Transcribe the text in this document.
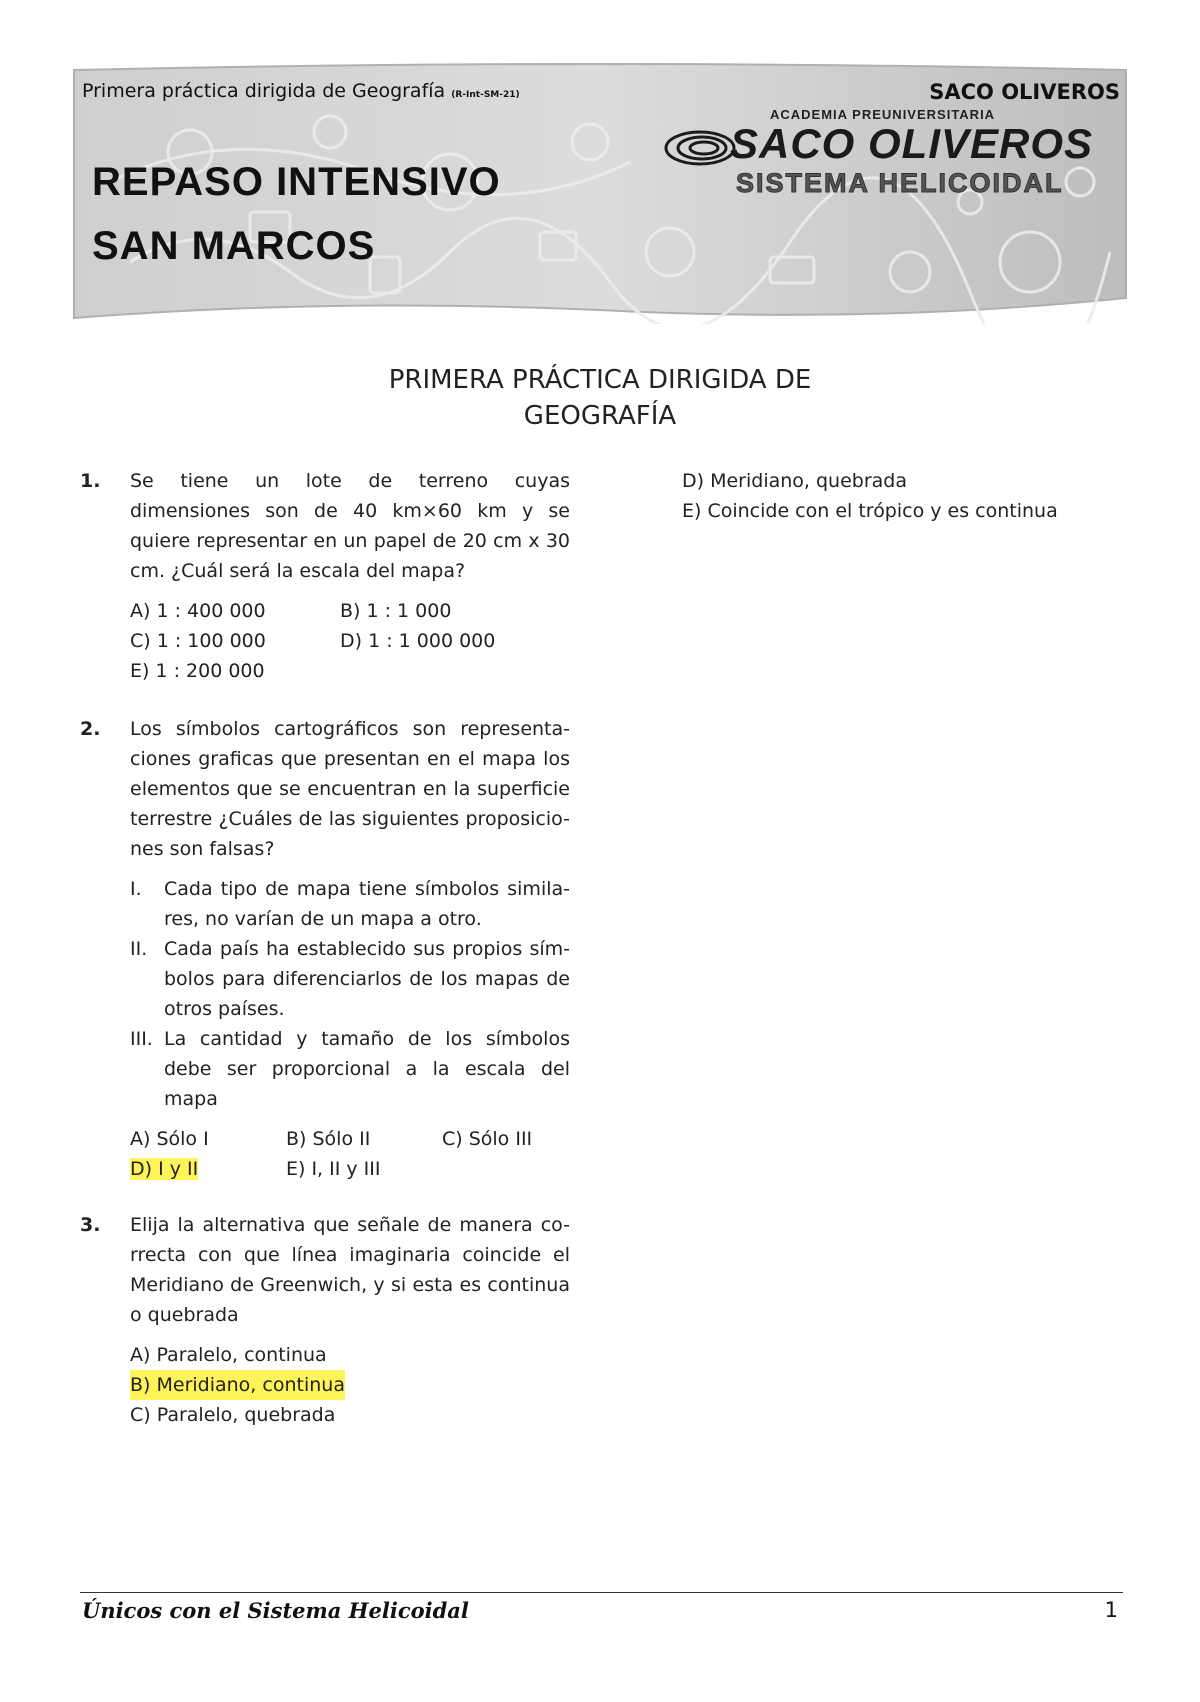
Primera práctica dirigida de Geografía (R-Int-SM-21)	SACO OLIVEROS
ACADEMIA PREUNIVERSITARIA
SACO OLIVEROS
SISTEMA HELICOIDAL
REPASO INTENSIVO
SAN MARCOS
PRIMERA PRÁCTICA DIRIGIDA DE
GEOGRAFÍA
1. Se tiene un lote de terreno cuyas dimensiones son de 40 km×60 km y se quiere representar en un papel de 20 cm x 30 cm. ¿Cuál será la escala del mapa?
A) 1 : 400 000	B) 1 : 1 000
C) 1 : 100 000	D) 1 : 1 000 000
E) 1 : 200 000
2. Los símbolos cartográficos son representa- ciones graficas que presentan en el mapa los elementos que se encuentran en la superficie terrestre ¿Cuáles de las siguientes proposicio- nes son falsas?
I. Cada tipo de mapa tiene símbolos simila- res, no varían de un mapa a otro.
II. Cada país ha establecido sus propios sím- bolos para diferenciarlos de los mapas de otros países.
III. La cantidad y tamaño de los símbolos debe ser proporcional a la escala del mapa
A) Sólo I	B) Sólo II	C) Sólo III
D) I y II	E) I, II y III
3. Elija la alternativa que señale de manera co- rrecta con que línea imaginaria coincide el Meridiano de Greenwich, y si esta es continua o quebrada
A) Paralelo, continua
B) Meridiano, continua
C) Paralelo, quebrada
D) Meridiano, quebrada
E) Coincide con el trópico y es continua
Únicos con el Sistema Helicoidal	1
